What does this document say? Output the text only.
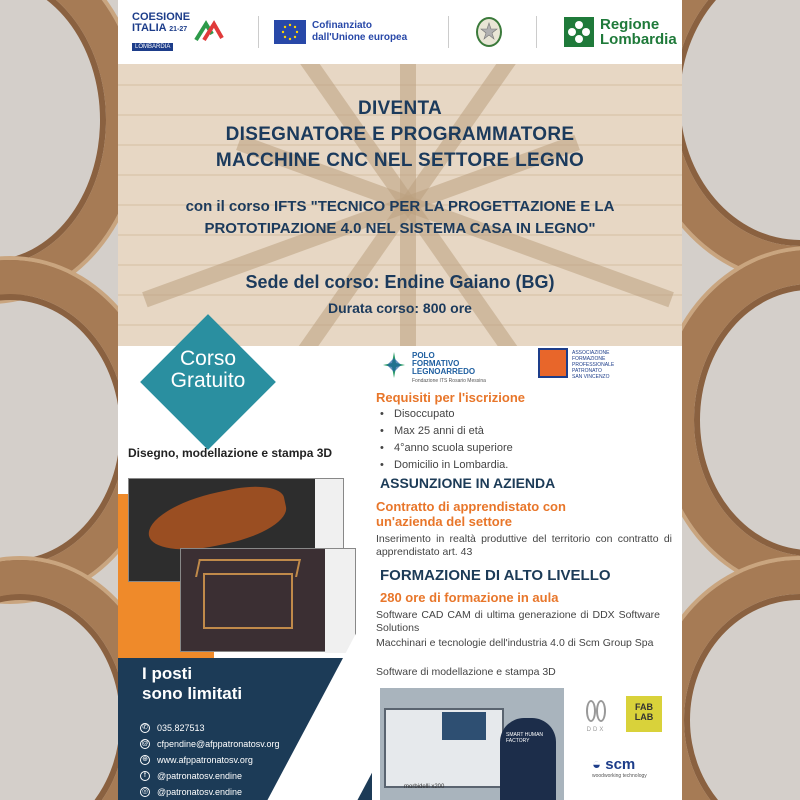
COESIONE
ITALIA 21-27
LOMBARDIA
Cofinanziato
dall'Unione europea
Regione
Lombardia
DIVENTA
DISEGNATORE E PROGRAMMATORE
MACCHINE CNC NEL SETTORE LEGNO
con il corso IFTS "TECNICO PER LA PROGETTAZIONE E LA
PROTOTIPAZIONE 4.0 NEL SISTEMA CASA IN LEGNO"
Sede del corso: Endine Gaiano (BG)
Durata corso: 800 ore
Corso
Gratuito
Disegno, modellazione e stampa 3D
I posti
sono limitati
✆ 035.827513
@ cfpendine@afppatronatosv.org
⊕ www.afppatronatosv.org
f	@patronatosv.endine
◎ @patronatosv.endine
POLO
FORMATIVO
LEGNOARREDO
Fondazione ITS Rosario Messina
ASSOCIAZIONE
FORMAZIONE
PROFESSIONALE
PATRONATO
SAN VINCENZO
Requisiti per l'iscrizione
• Disoccupato
• Max 25 anni di età
• 4°anno scuola superiore
• Domicilio in Lombardia.
ASSUNZIONE IN AZIENDA
Contratto di apprendistato con
un'azienda del settore
Inserimento in realtà produttive del territorio con contratto di apprendistato art. 43
FORMAZIONE DI ALTO LIVELLO
280 ore di formazione in aula
Software CAD CAM di ultima generazione di DDX Software Solutions
Macchinari e tecnologie dell'industria 4.0 di Scm Group Spa
Software di modellazione e stampa 3D
morbidelli x200
SMART HUMAN FACTORY
DDX
FAB
LAB
◒ scm
woodworking technology
